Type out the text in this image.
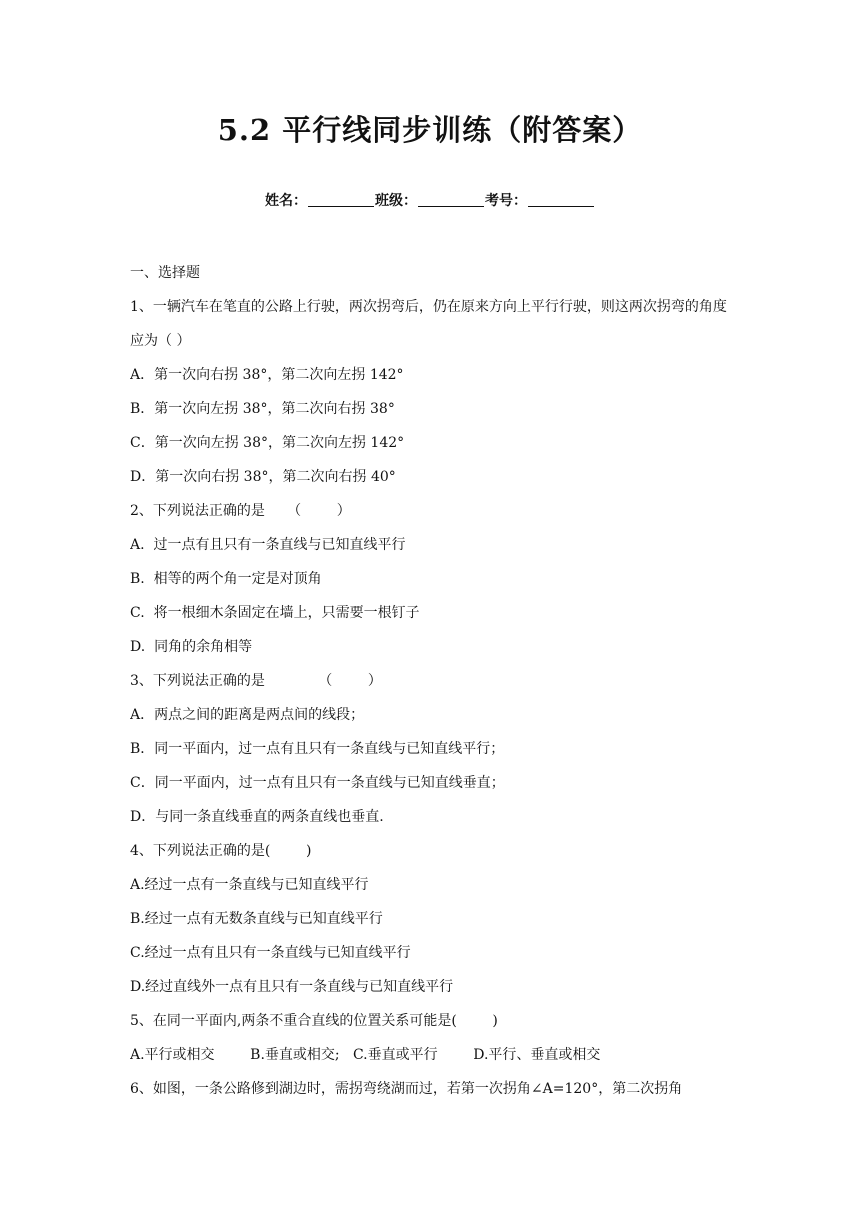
5.2 平行线同步训练（附答案）
姓名：	班级：	考号：
一、选择题
1、一辆汽车在笔直的公路上行驶，两次拐弯后，仍在原来方向上平行行驶，则这两次拐弯的角度应为（ ）
A．第一次向右拐 38°，第二次向左拐 142°
B．第一次向左拐 38°，第二次向右拐 38°
C．第一次向左拐 38°，第二次向左拐 142°
D．第一次向右拐 38°，第二次向右拐 40°
2、下列说法正确的是     （        ）
A.  过一点有且只有一条直线与已知直线平行
B.  相等的两个角一定是对顶角
C.  将一根细木条固定在墙上，只需要一根钉子
D.  同角的余角相等
3、下列说法正确的是            （        ）
A．两点之间的距离是两点间的线段；
B．同一平面内，过一点有且只有一条直线与已知直线平行；
C．同一平面内，过一点有且只有一条直线与已知直线垂直；
D．与同一条直线垂直的两条直线也垂直.
4、下列说法正确的是(        )
A.经过一点有一条直线与已知直线平行
B.经过一点有无数条直线与已知直线平行
C.经过一点有且只有一条直线与已知直线平行
D.经过直线外一点有且只有一条直线与已知直线平行
5、在同一平面内,两条不重合直线的位置关系可能是(        )
A.平行或相交        B.垂直或相交;   C.垂直或平行        D.平行、垂直或相交
6、如图，一条公路修到湖边时，需拐弯绕湖而过，若第一次拐角∠A=120°，第二次拐角
